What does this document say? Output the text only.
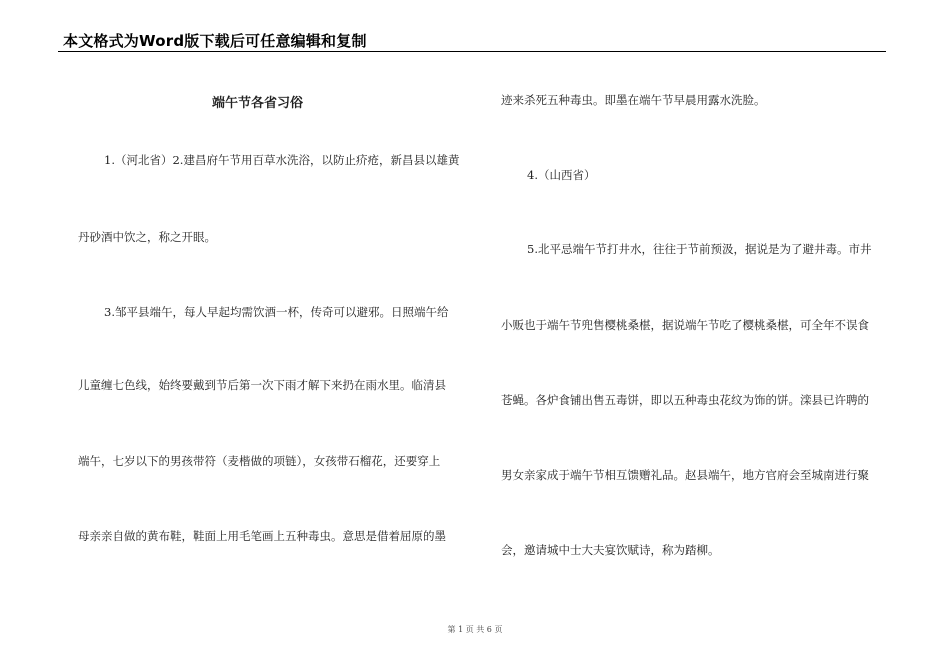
本文格式为Word版下载后可任意编辑和复制
端午节各省习俗
1.（河北省）2.建昌府午节用百草水洗浴，以防止疥疮，新昌县以雄黄
丹砂酒中饮之，称之开眼。
3.邹平县端午，每人早起均需饮酒一杯，传奇可以避邪。日照端午给
儿童缠七色线，始终要戴到节后第一次下雨才解下来扔在雨水里。临清县
端午，七岁以下的男孩带符（麦楷做的项链），女孩带石榴花，还要穿上
母亲亲自做的黄布鞋，鞋面上用毛笔画上五种毒虫。意思是借着屈原的墨
迹来杀死五种毒虫。即墨在端午节早晨用露水洗脸。
4.（山西省）
5.北平忌端午节打井水，往往于节前预汲，据说是为了避井毒。市井
小贩也于端午节兜售樱桃桑椹，据说端午节吃了樱桃桑椹，可全年不误食
苍蝇。各炉食铺出售五毒饼，即以五种毒虫花纹为饰的饼。滦县已许聘的
男女亲家成于端午节相互馈赠礼品。赵县端午，地方官府会至城南进行聚
会，邀请城中士大夫宴饮赋诗，称为踏柳。
第 1 页 共 6 页
